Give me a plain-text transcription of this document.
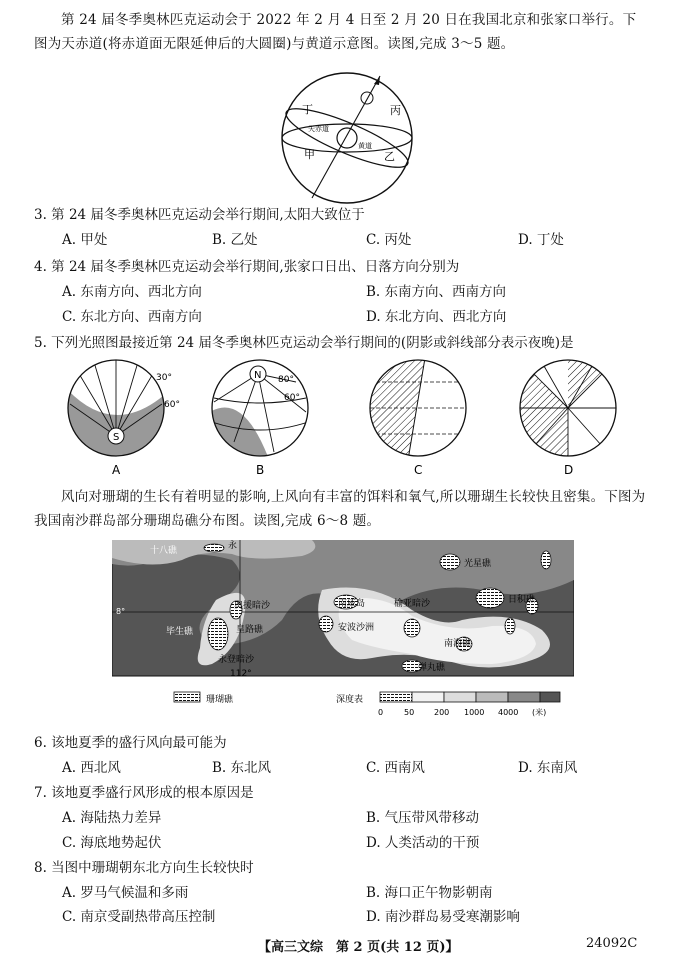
第 24 届冬季奥林匹克运动会于 2022 年 2 月 4 日至 2 月 20 日在我国北京和张家口举行。下图为天赤道(将赤道面无限延伸后的大圆圈)与黄道示意图。读图,完成 3～5 题。
丁	丙
甲	乙
天赤道
黄道
3. 第 24 届冬季奥林匹克运动会举行期间,太阳大致位于
A. 甲处	B. 乙处	C. 丙处	D. 丁处
4. 第 24 届冬季奥林匹克运动会举行期间,张家口日出、日落方向分别为
A. 东南方向、西北方向	B. 东南方向、西南方向
C. 东北方向、西南方向	D. 东北方向、西北方向
5. 下列光照图最接近第 24 届冬季奥林匹克运动会举行期间的(阴影或斜线部分表示夜晚)是
S
30°
60°
N 80°
60°
A	B	C	D
风向对珊瑚的生长有着明显的影响,上风向有丰富的饵料和氧气,所以珊瑚生长较快且密集。下图为我国南沙群岛部分珊瑚岛礁分布图。读图,完成 6～8 题。
十八礁	永
光星礁
8°
奥援暗沙	南威岛	榆亚暗沙	日积礁
毕生礁	皇路礁	安波沙洲
永登暗沙
112°
南海礁
弹丸礁
珊瑚礁	深度表
0	50 200 1000 4000 (米)
6. 该地夏季的盛行风向最可能为
A. 西北风	B. 东北风	C. 西南风	D. 东南风
7. 该地夏季盛行风形成的根本原因是
A. 海陆热力差异	B. 气压带风带移动
C. 海底地势起伏	D. 人类活动的干预
8. 当图中珊瑚朝东北方向生长较快时
A. 罗马气候温和多雨	B. 海口正午物影朝南
C. 南京受副热带高压控制	D. 南沙群岛易受寒潮影响
【高三文综 第 2 页(共 12 页)】	24092C
